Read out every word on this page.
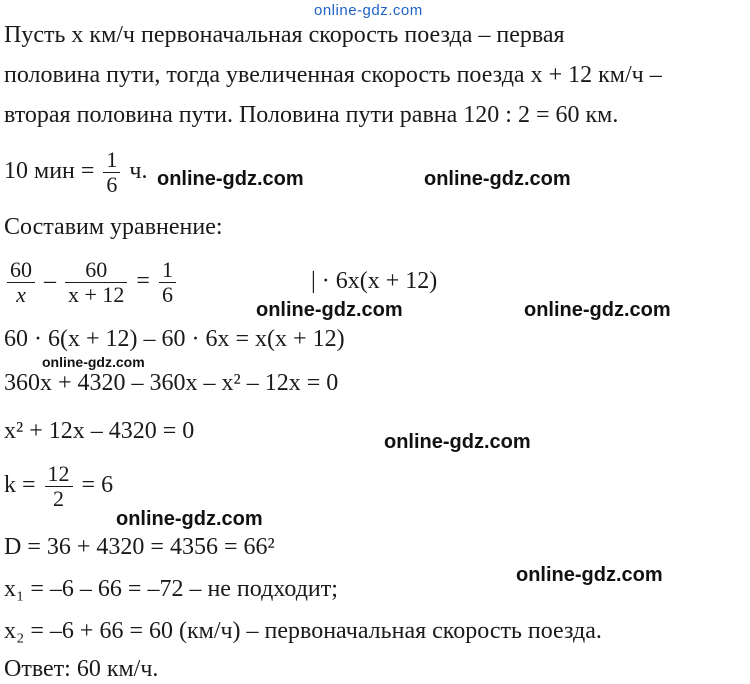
online-gdz.com
Пусть x км/ч первоначальная скорость поезда – первая
половина пути, тогда увеличенная скорость поезда x + 12 км/ч –
вторая половина пути. Половина пути равна 120 : 2 = 60 км.
10 мин = $\frac{1}{6} ч$.
Составим уравнение:
$\frac{60}{x} - \frac{60}{x + 12} = \frac{1}{6}$	| · 6x(x + 12)
60 · 6(x + 12) – 60 · 6x = x(x + 12)
360x + 4320 – 360x – x² – 12x = 0
x² + 12x – 4320 = 0
$k = \frac{12}{2} = 6$
D = 36 + 4320 = 4356 = 66²
x₁ = –6 – 66 = –72 – не подходит;
x₂ = –6 + 66 = 60 (км/ч) – первоначальная скорость поезда.
Ответ: 60 км/ч.
online-gdz.com	online-gdz.com
online-gdz.com	online-gdz.com
online-gdz.com
online-gdz.com
online-gdz.com
online-gdz.com
